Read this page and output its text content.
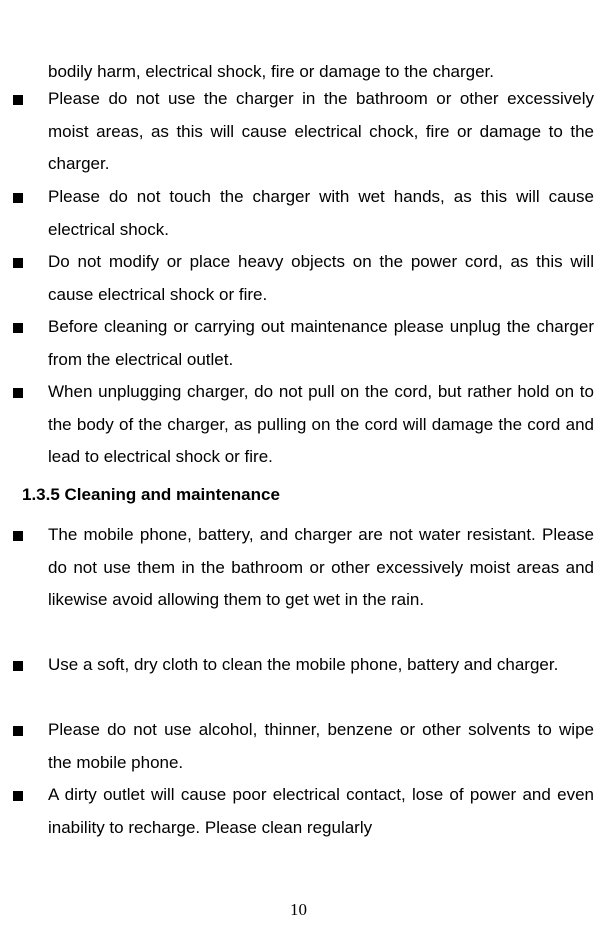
bodily harm, electrical shock, fire or damage to the charger.

Please do not use the charger in the bathroom or other excessively moist areas, as this will cause electrical chock, fire or damage to the charger.
Please do not touch the charger with wet hands, as this will cause electrical shock.
Do not modify or place heavy objects on the power cord, as this will cause electrical shock or fire.
Before cleaning or carrying out maintenance please unplug the charger from the electrical outlet.
When unplugging charger, do not pull on the cord, but rather hold on to the body of the charger, as pulling on the cord will damage the cord and lead to electrical shock or fire.
1.3.5 Cleaning and maintenance
The mobile phone, battery, and charger are not water resistant. Please do not use them in the bathroom or other excessively moist areas and likewise avoid allowing them to get wet in the rain.
Use a soft, dry cloth to clean the mobile phone, battery and charger.
Please do not use alcohol, thinner, benzene or other solvents to wipe the mobile phone.
A dirty outlet will cause poor electrical contact, lose of power and even inability to recharge. Please clean regularly
10
